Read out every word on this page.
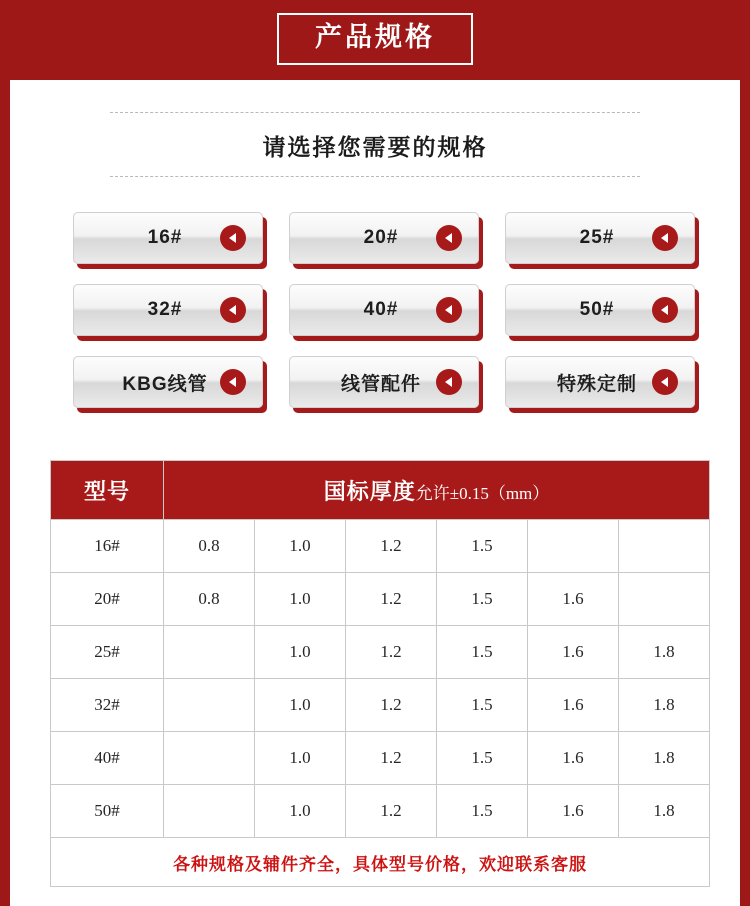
产品规格
请选择您需要的规格
16#	20#	25#
32#	40#	50#
KBG线管	线管配件	特殊定制
型号	国标厚度允许±0.15（mm）					
16#	0.8	1.0	1.2	1.5		
20#	0.8	1.0	1.2	1.5	1.6	
25#		1.0	1.2	1.5	1.6	1.8
32#		1.0	1.2	1.5	1.6	1.8
40#		1.0	1.2	1.5	1.6	1.8
50#		1.0	1.2	1.5	1.6	1.8
各种规格及辅件齐全，具体型号价格，欢迎联系客服						
